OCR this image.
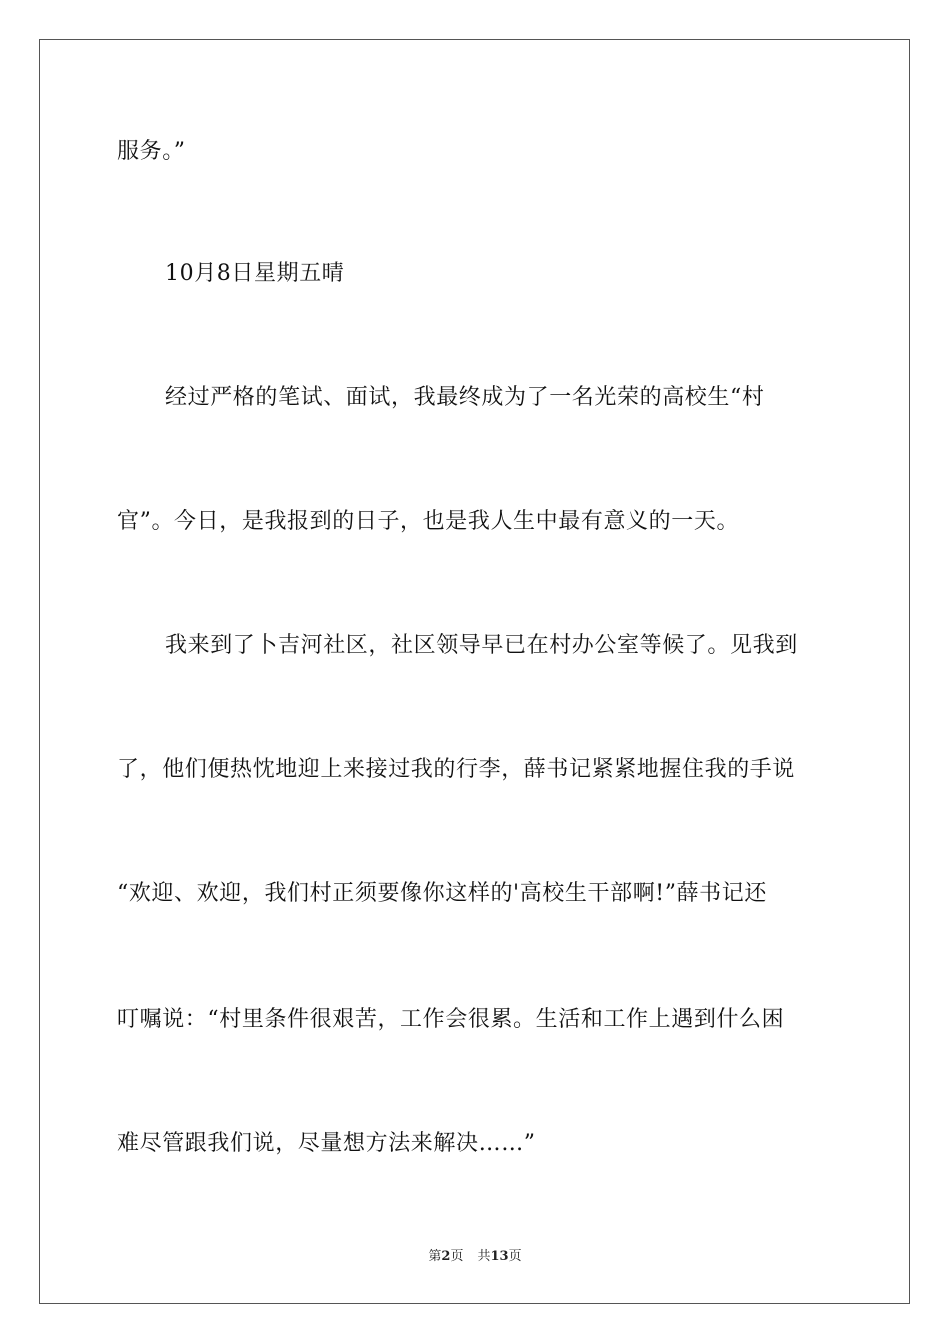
服务。”
10月8日星期五晴
经过严格的笔试、面试，我最终成为了一名光荣的高校生“村
官”。今日，是我报到的日子，也是我人生中最有意义的一天。
我来到了卜吉河社区，社区领导早已在村办公室等候了。见我到
了，他们便热忱地迎上来接过我的行李，薛书记紧紧地握住我的手说
“欢迎、欢迎，我们村正须要像你这样的'高校生干部啊!”薛书记还
叮嘱说：“村里条件很艰苦，工作会很累。生活和工作上遇到什么困
难尽管跟我们说，尽量想方法来解决……”
第2页 共13页
